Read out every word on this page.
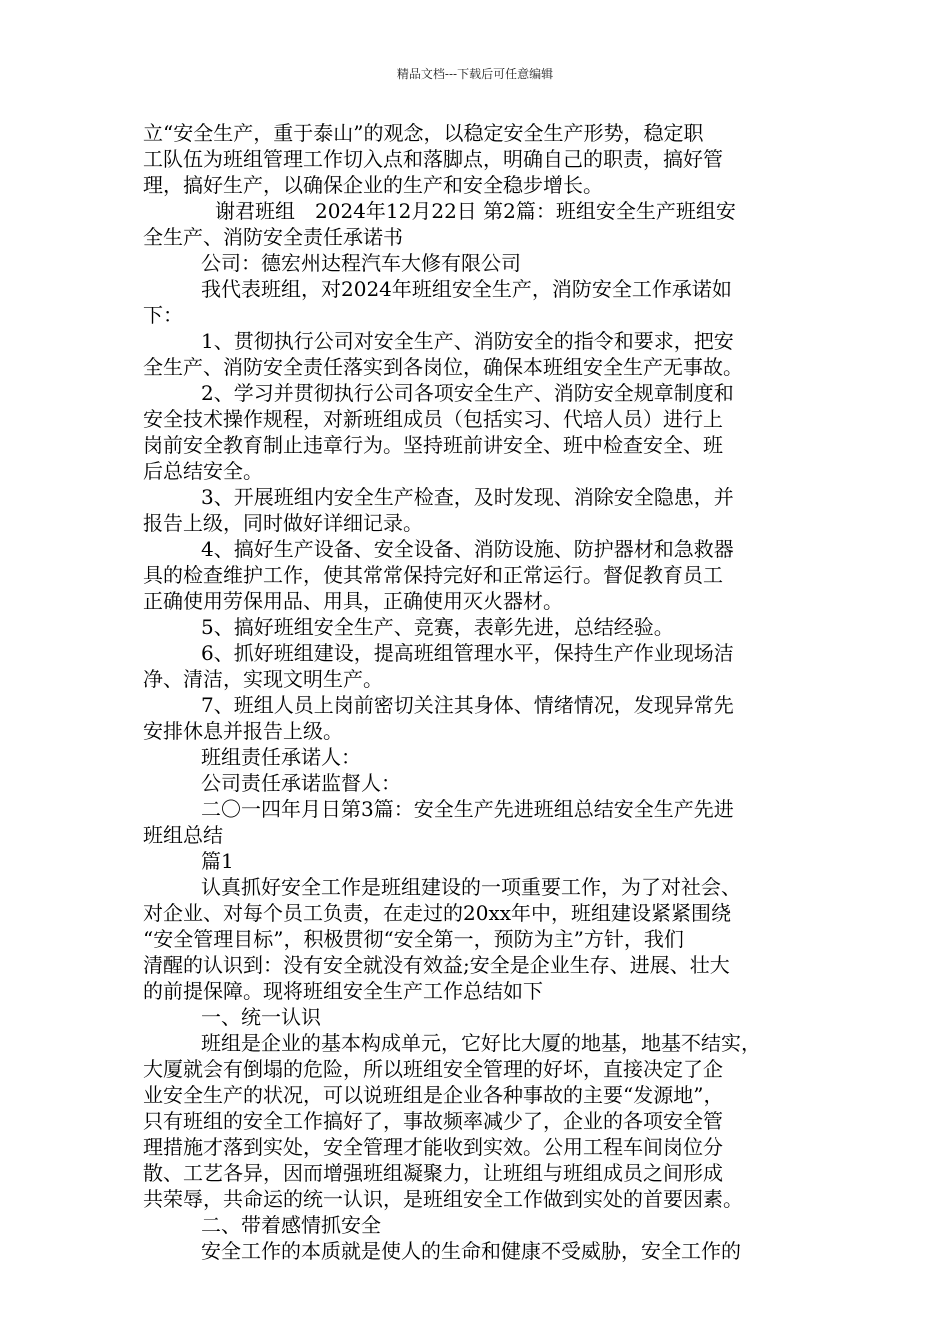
精品文档---下载后可任意编辑
立“安全生产，重于泰山”的观念，以稳定安全生产形势，稳定职
工队伍为班组管理工作切入点和落脚点，明确自己的职责，搞好管
理，搞好生产，以确保企业的生产和安全稳步增长。
谢君班组　2024年12月22日 第2篇：班组安全生产班组安
全生产、消防安全责任承诺书
公司：德宏州达程汽车大修有限公司
我代表班组，对2024年班组安全生产，消防安全工作承诺如
下：
1、贯彻执行公司对安全生产、消防安全的指令和要求，把安
全生产、消防安全责任落实到各岗位，确保本班组安全生产无事故。
2、学习并贯彻执行公司各项安全生产、消防安全规章制度和
安全技术操作规程，对新班组成员（包括实习、代培人员）进行上
岗前安全教育制止违章行为。坚持班前讲安全、班中检查安全、班
后总结安全。
3、开展班组内安全生产检查，及时发现、消除安全隐患，并
报告上级，同时做好详细记录。
4、搞好生产设备、安全设备、消防设施、防护器材和急救器
具的检查维护工作，使其常常保持完好和正常运行。督促教育员工
正确使用劳保用品、用具，正确使用灭火器材。
5、搞好班组安全生产、竞赛，表彰先进，总结经验。
6、抓好班组建设，提高班组管理水平，保持生产作业现场洁
净、清洁，实现文明生产。
7、班组人员上岗前密切关注其身体、情绪情况，发现异常先
安排休息并报告上级。
班组责任承诺人：
公司责任承诺监督人：
二〇一四年月日第3篇：安全生产先进班组总结安全生产先进
班组总结
篇1
认真抓好安全工作是班组建设的一项重要工作，为了对社会、
对企业、对每个员工负责，在走过的20xx年中，班组建设紧紧围绕
“安全管理目标”，积极贯彻“安全第一，预防为主”方针，我们
清醒的认识到：没有安全就没有效益;安全是企业生存、进展、壮大
的前提保障。现将班组安全生产工作总结如下
一、统一认识
班组是企业的基本构成单元，它好比大厦的地基，地基不结实，
大厦就会有倒塌的危险，所以班组安全管理的好坏，直接决定了企
业安全生产的状况，可以说班组是企业各种事故的主要“发源地”，
只有班组的安全工作搞好了，事故频率减少了，企业的各项安全管
理措施才落到实处，安全管理才能收到实效。公用工程车间岗位分
散、工艺各异，因而增强班组凝聚力，让班组与班组成员之间形成
共荣辱，共命运的统一认识，是班组安全工作做到实处的首要因素。
二、带着感情抓安全
安全工作的本质就是使人的生命和健康不受威胁，安全工作的
